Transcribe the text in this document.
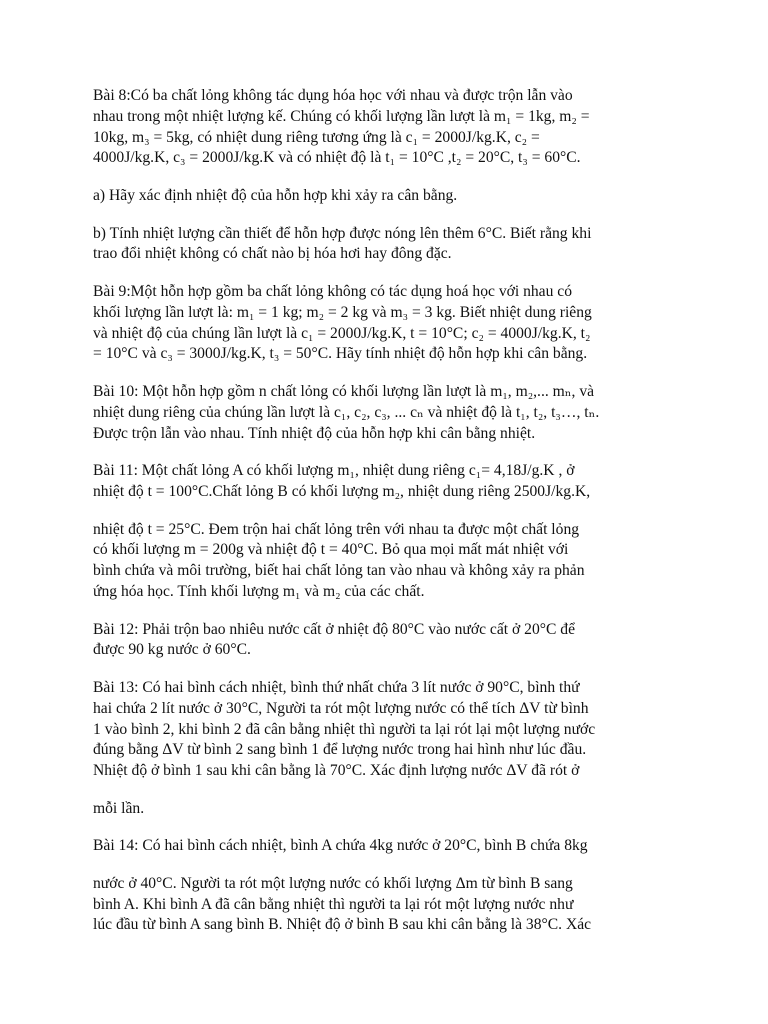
Bài 8:Có ba chất lỏng không tác dụng hóa học với nhau và được trộn lẫn vào
nhau trong một nhiệt lượng kế. Chúng có khối lượng lần lượt là m₁ = 1kg, m₂ =
10kg, m₃ = 5kg, có nhiệt dung riêng tương ứng là c₁ = 2000J/kg.K, c₂ =
4000J/kg.K, c₃ = 2000J/kg.K và có nhiệt độ là t₁ = 10°C ,t₂ = 20°C, t₃ = 60°C.

a) Hãy xác định nhiệt độ của hỗn hợp khi xảy ra cân bằng.

b) Tính nhiệt lượng cần thiết để hỗn hợp được nóng lên thêm 6°C. Biết rằng khi
trao đổi nhiệt không có chất nào bị hóa hơi hay đông đặc.

Bài 9:Một hỗn hợp gồm ba chất lỏng không có tác dụng hoá học với nhau có
khối lượng lần lượt là: m₁ = 1 kg; m₂ = 2 kg và m₃ = 3 kg. Biết nhiệt dung riêng
và nhiệt độ của chúng lần lượt là c₁ = 2000J/kg.K, t = 10°C; c₂ = 4000J/kg.K, t₂
= 10°C và c₃ = 3000J/kg.K, t₃ = 50°C. Hãy tính nhiệt độ hỗn hợp khi cân bằng.

Bài 10: Một hỗn hợp gồm n chất lỏng có khối lượng lần lượt là m₁, m₂,... mₙ, và
nhiệt dung riêng của chúng lần lượt là c₁, c₂, c₃, ... cₙ và nhiệt độ là t₁, t₂, t₃…, tₙ.
Được trộn lẫn vào nhau. Tính nhiệt độ của hỗn hợp khi cân bằng nhiệt.

Bài 11: Một chất lỏng A có khối lượng m₁, nhiệt dung riêng c₁= 4,18J/g.K , ở
nhiệt độ t = 100°C.Chất lỏng B có khối lượng m₂, nhiệt dung riêng 2500J/kg.K,

nhiệt độ t = 25°C. Đem trộn hai chất lỏng trên với nhau ta được một chất lỏng
có khối lượng m = 200g và nhiệt độ t = 40°C. Bỏ qua mọi mất mát nhiệt với
bình chứa và môi trường, biết hai chất lỏng tan vào nhau và không xảy ra phản
ứng hóa học. Tính khối lượng m₁ và m₂ của các chất.

Bài 12: Phải trộn bao nhiêu nước cất ở nhiệt độ 80°C vào nước cất ở 20°C để
được 90 kg nước ở 60°C.

Bài 13: Có hai bình cách nhiệt, bình thứ nhất chứa 3 lít nước ở 90°C, bình thứ
hai chứa 2 lít nước ở 30°C, Người ta rót một lượng nước có thể tích ΔV từ bình
1 vào bình 2, khi bình 2 đã cân bằng nhiệt thì người ta lại rót lại một lượng nước
đúng bằng ΔV từ bình 2 sang bình 1 để lượng nước trong hai hình như lúc đầu.
Nhiệt độ ở bình 1 sau khi cân bằng là 70°C. Xác định lượng nước ΔV đã rót ở

mỗi lần.

Bài 14: Có hai bình cách nhiệt, bình A chứa 4kg nước ở 20°C, bình B chứa 8kg

nước ở 40°C. Người ta rót một lượng nước có khối lượng Δm từ bình B sang
bình A. Khi bình A đã cân bằng nhiệt thì người ta lại rót một lượng nước như
lúc đầu từ bình A sang bình B. Nhiệt độ ở bình B sau khi cân bằng là 38°C. Xác
